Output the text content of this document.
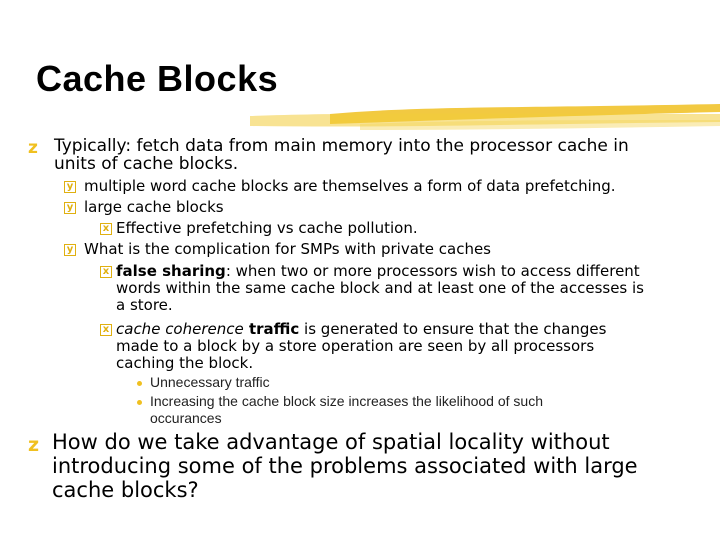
Cache Blocks
z Typically: fetch data from main memory into the processor cache in

units of cache blocks.

y multiple word cache blocks are themselves a form of data prefetching.

y large cache blocks

x Effective prefetching vs cache pollution.

y What is the complication for SMPs with private caches

x false sharing: when two or more processors wish to access different

words within the same cache block and at least one of the accesses is

a store.

x cache coherence traffic is generated to ensure that the changes

made to a block by a store operation are seen by all processors

caching the block.

Unnecessary traffic

Increasing the cache block size increases the likelihood of such

occurances

z How do we take advantage of spatial locality without

introducing some of the problems associated with large

cache blocks?
